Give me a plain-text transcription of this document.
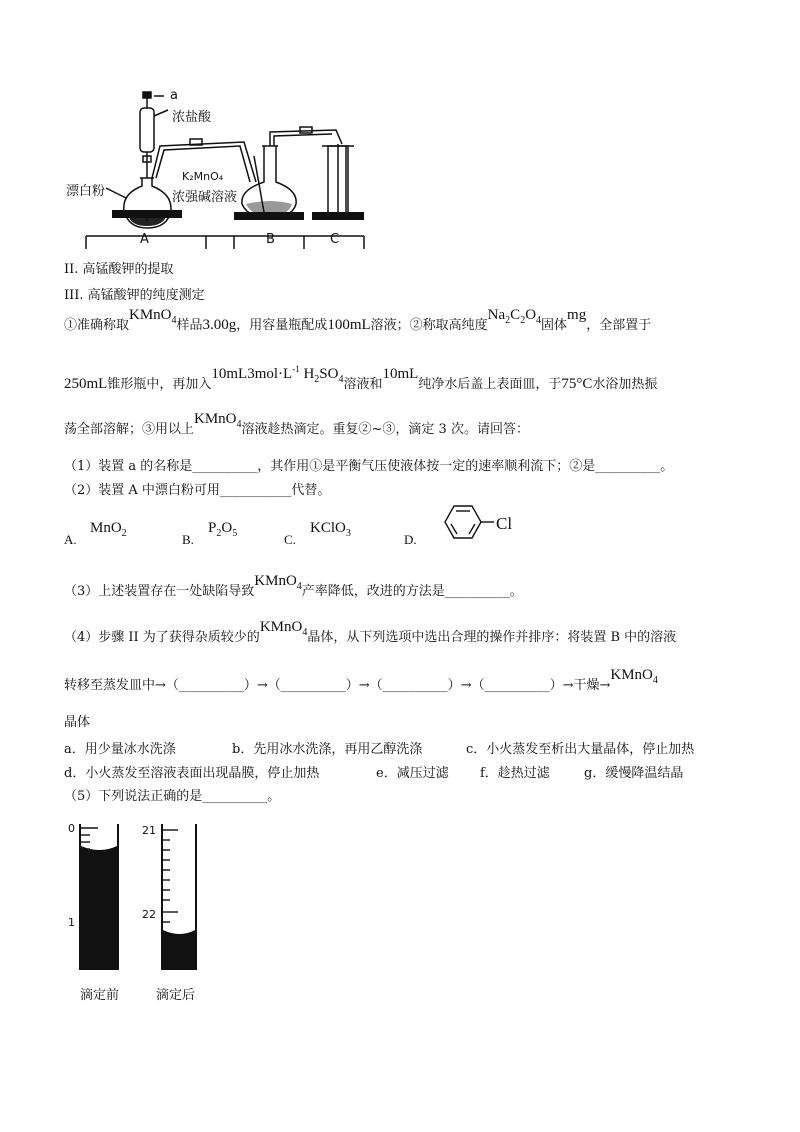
a
浓盐酸
漂白粉
K₂MnO₄
浓强碱溶液
A	B	C
II. 高锰酸钾的提取
III. 高锰酸钾的纯度测定
①准确称取KMnO$_4$样品3.00g，用容量瓶配成100mL溶液；②称取高纯度$Na_2C_2O_4$固体mg，全部置于
250mL锥形瓶中，再加入$10mL3mol\cdot L^{-1}$ $H_2SO_4$溶液和10mL纯净水后盖上表面皿，于75°C水浴加热振
荡全部溶解；③用以上KMnO$_4$溶液趁热滴定。重复②~③，滴定 3 次。请回答：
（1）装置 a 的名称是__________，其作用①是平衡气压使液体按一定的速率顺利流下；②是__________。
（2）装置 A 中漂白粉可用___________代替。
A.
MnO$_2$	B.
$P_2O_5$	C.
KClO$_3$	D.
Cl
（3）上述装置存在一处缺陷导致KMnO$_4$产率降低，改进的方法是__________。
（4）步骤 II 为了获得杂质较少的KMnO$_4$晶体，从下列选项中选出合理的操作并排序：将装置 B 中的溶液
转移至蒸发皿中→（__________）→（__________）→（__________）→（__________）→干燥→KMnO$_4$
晶体
a．用少量冰水洗涤	b．先用冰水洗涤，再用乙醇洗涤	c．小火蒸发至析出大量晶体，停止加热
d．小火蒸发至溶液表面出现晶膜，停止加热	e．减压过滤 f．趁热过滤	g．缓慢降温结晶
（5）下列说法正确的是__________。
0
1
滴定前
21
22
滴定后
